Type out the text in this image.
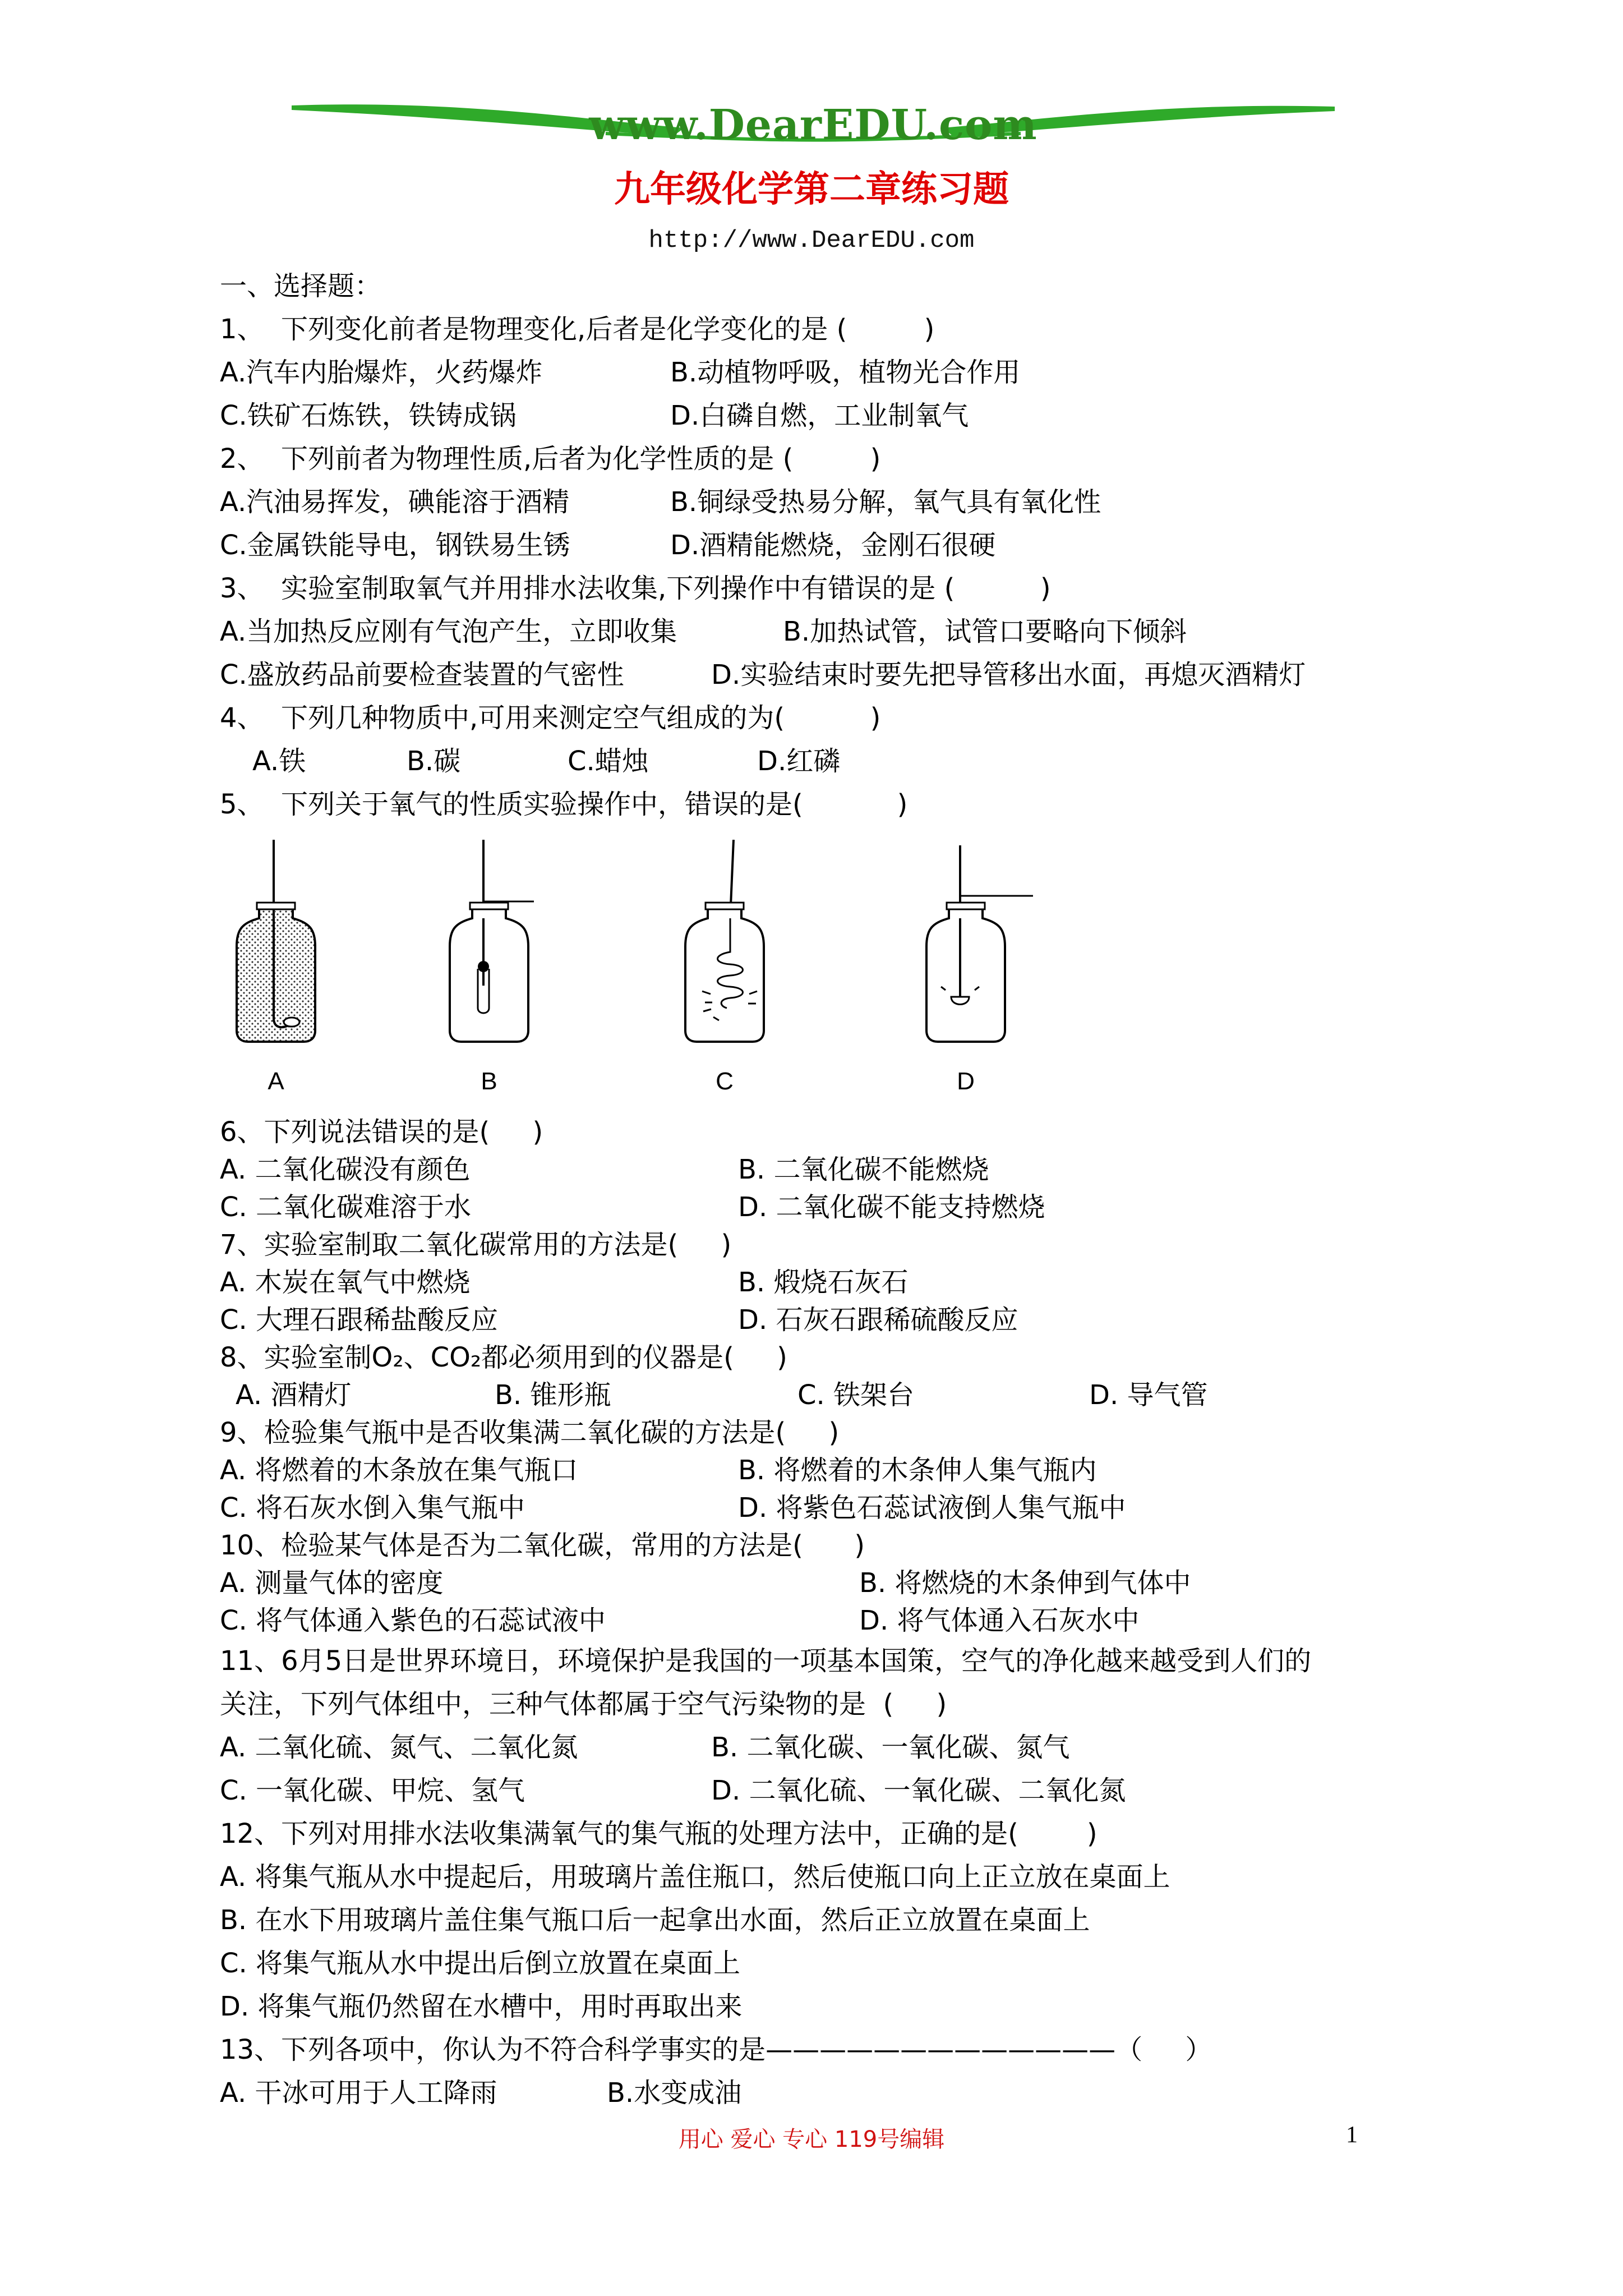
www.DearEDU.com
九年级化学第二章练习题
http://www.DearEDU.com
一、选择题：
1、  下列变化前者是物理变化,后者是化学变化的是 (         )

A.汽车内胎爆炸，火药爆炸

	B.动植物呼吸，植物光合作用

C.铁矿石炼铁，铁铸成锅

	D.白磷自燃，工业制氧气

2、  下列前者为物理性质,后者为化学性质的是 (         )

A.汽油易挥发，碘能溶于酒精

	B.铜绿受热易分解，氧气具有氧化性

C.金属铁能导电，钢铁易生锈

	D.酒精能燃烧，金刚石很硬

3、  实验室制取氧气并用排水法收集,下列操作中有错误的是 (          )

A.当加热反应刚有气泡产生，立即收集

	B.加热试管，试管口要略向下倾斜

C.盛放药品前要检查装置的气密性

	D.实验结束时要先把导管移出水面，再熄灭酒精灯

4、  下列几种物质中,可用来测定空气组成的为(          )

A.铁

	B.碳

	C.蜡烛

	D.红磷

5、  下列关于氧气的性质实验操作中，错误的是(           )
A	B	C	D
6、下列说法错误的是(     )

A. 二氧化碳没有颜色

	B. 二氧化碳不能燃烧

C. 二氧化碳难溶于水

	D. 二氧化碳不能支持燃烧

7、实验室制取二氧化碳常用的方法是(     )

A. 木炭在氧气中燃烧

	B. 煅烧石灰石

C. 大理石跟稀盐酸反应

	D. 石灰石跟稀硫酸反应

8、实验室制O₂、CO₂都必须用到的仪器是(     )

A. 酒精灯

	B. 锥形瓶

	C. 铁架台

	D. 导气管

9、检验集气瓶中是否收集满二氧化碳的方法是(     )

A. 将燃着的木条放在集气瓶口

	B. 将燃着的木条伸人集气瓶内

C. 将石灰水倒入集气瓶中

	D. 将紫色石蕊试液倒人集气瓶中

10、检验某气体是否为二氧化碳，常用的方法是(      )

A. 测量气体的密度

	B. 将燃烧的木条伸到气体中

C. 将气体通入紫色的石蕊试液中

	D. 将气体通入石灰水中

11、6月5日是世界环境日，环境保护是我国的一项基本国策，空气的净化越来越受到人们的
关注，下列气体组中，三种气体都属于空气污染物的是  (     )

A. 二氧化硫、氮气、二氧化氮

	B. 二氧化碳、一氧化碳、氮气

C. 一氧化碳、甲烷、氢气

	D. 二氧化硫、一氧化碳、二氧化氮

12、下列对用排水法收集满氧气的集气瓶的处理方法中，正确的是(        )
A. 将集气瓶从水中提起后，用玻璃片盖住瓶口，然后使瓶口向上正立放在桌面上
B. 在水下用玻璃片盖住集气瓶口后一起拿出水面，然后正立放置在桌面上
C. 将集气瓶从水中提出后倒立放置在桌面上
D. 将集气瓶仍然留在水槽中，用时再取出来
13、下列各项中，你认为不符合科学事实的是—————————————（     ）

A. 干冰可用于人工降雨

	B.水变成油

用心 爱心 专心 119号编辑	1
